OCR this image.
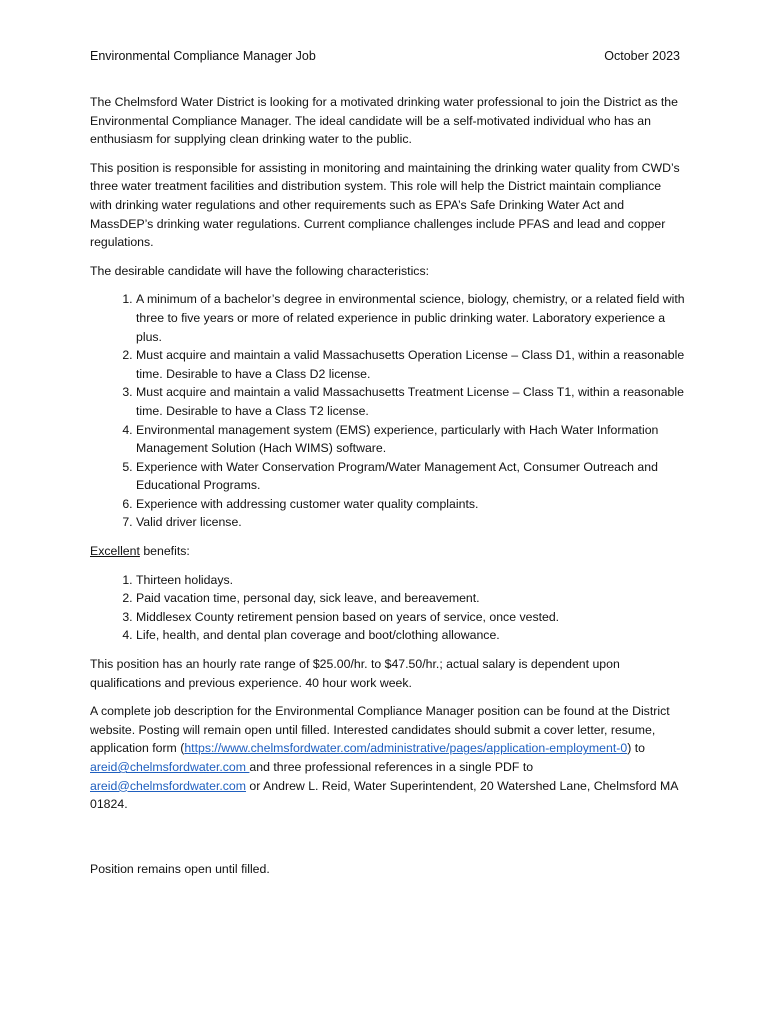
Environmental Compliance Manager Job	October 2023

The Chelmsford Water District is looking for a motivated drinking water professional to join the District as the Environmental Compliance Manager. The ideal candidate will be a self-motivated individual who has an enthusiasm for supplying clean drinking water to the public.

This position is responsible for assisting in monitoring and maintaining the drinking water quality from CWD’s three water treatment facilities and distribution system. This role will help the District maintain compliance with drinking water regulations and other requirements such as EPA’s Safe Drinking Water Act and MassDEP’s drinking water regulations. Current compliance challenges include PFAS and lead and copper regulations.

The desirable candidate will have the following characteristics:

1. A minimum of a bachelor’s degree in environmental science, biology, chemistry, or a related field with three to five years or more of related experience in public drinking water. Laboratory experience a plus.
2. Must acquire and maintain a valid Massachusetts Operation License – Class D1, within a reasonable time. Desirable to have a Class D2 license.
3. Must acquire and maintain a valid Massachusetts Treatment License – Class T1, within a reasonable time. Desirable to have a Class T2 license.
4. Environmental management system (EMS) experience, particularly with Hach Water Information Management Solution (Hach WIMS) software.
5. Experience with Water Conservation Program/Water Management Act, Consumer Outreach and Educational Programs.
6. Experience with addressing customer water quality complaints.
7. Valid driver license.

Excellent benefits:

1. Thirteen holidays.
2. Paid vacation time, personal day, sick leave, and bereavement.
3. Middlesex County retirement pension based on years of service, once vested.
4. Life, health, and dental plan coverage and boot/clothing allowance.

This position has an hourly rate range of $25.00/hr. to $47.50/hr.; actual salary is dependent upon qualifications and previous experience. 40 hour work week.

A complete job description for the Environmental Compliance Manager position can be found at the District website. Posting will remain open until filled. Interested candidates should submit a cover letter, resume, application form (https://www.chelmsfordwater.com/administrative/pages/application-employment-0) to areid@chelmsfordwater.com and three professional references in a single PDF to areid@chelmsfordwater.com or Andrew L. Reid, Water Superintendent, 20 Watershed Lane, Chelmsford MA 01824.

Position remains open until filled.
